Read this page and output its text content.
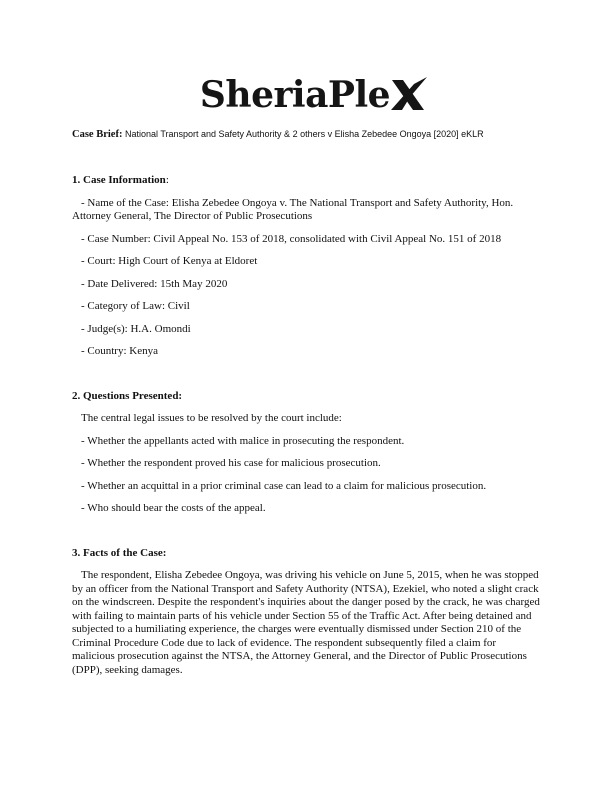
SheriaPle
Case Brief: National Transport and Safety Authority & 2 others v Elisha Zebedee Ongoya [2020] eKLR
1. Case Information:
- Name of the Case: Elisha Zebedee Ongoya v. The National Transport and Safety Authority, Hon. Attorney General, The Director of Public Prosecutions
- Case Number: Civil Appeal No. 153 of 2018, consolidated with Civil Appeal No. 151 of 2018
- Court: High Court of Kenya at Eldoret
- Date Delivered: 15th May 2020
- Category of Law: Civil
- Judge(s): H.A. Omondi
- Country: Kenya
2. Questions Presented:
The central legal issues to be resolved by the court include:
- Whether the appellants acted with malice in prosecuting the respondent.
- Whether the respondent proved his case for malicious prosecution.
- Whether an acquittal in a prior criminal case can lead to a claim for malicious prosecution.
- Who should bear the costs of the appeal.
3. Facts of the Case:

The respondent, Elisha Zebedee Ongoya, was driving his vehicle on June 5, 2015, when he was stopped by an officer from the National Transport and Safety Authority (NTSA), Ezekiel, who noted a slight crack on the windscreen. Despite the respondent's inquiries about the danger posed by the crack, he was charged with failing to maintain parts of his vehicle under Section 55 of the Traffic Act. After being detained and subjected to a humiliating experience, the charges were eventually dismissed under Section 210 of the Criminal Procedure Code due to lack of evidence. The respondent subsequently filed a claim for malicious prosecution against the NTSA, the Attorney General, and the Director of Public Prosecutions (DPP), seeking damages.
